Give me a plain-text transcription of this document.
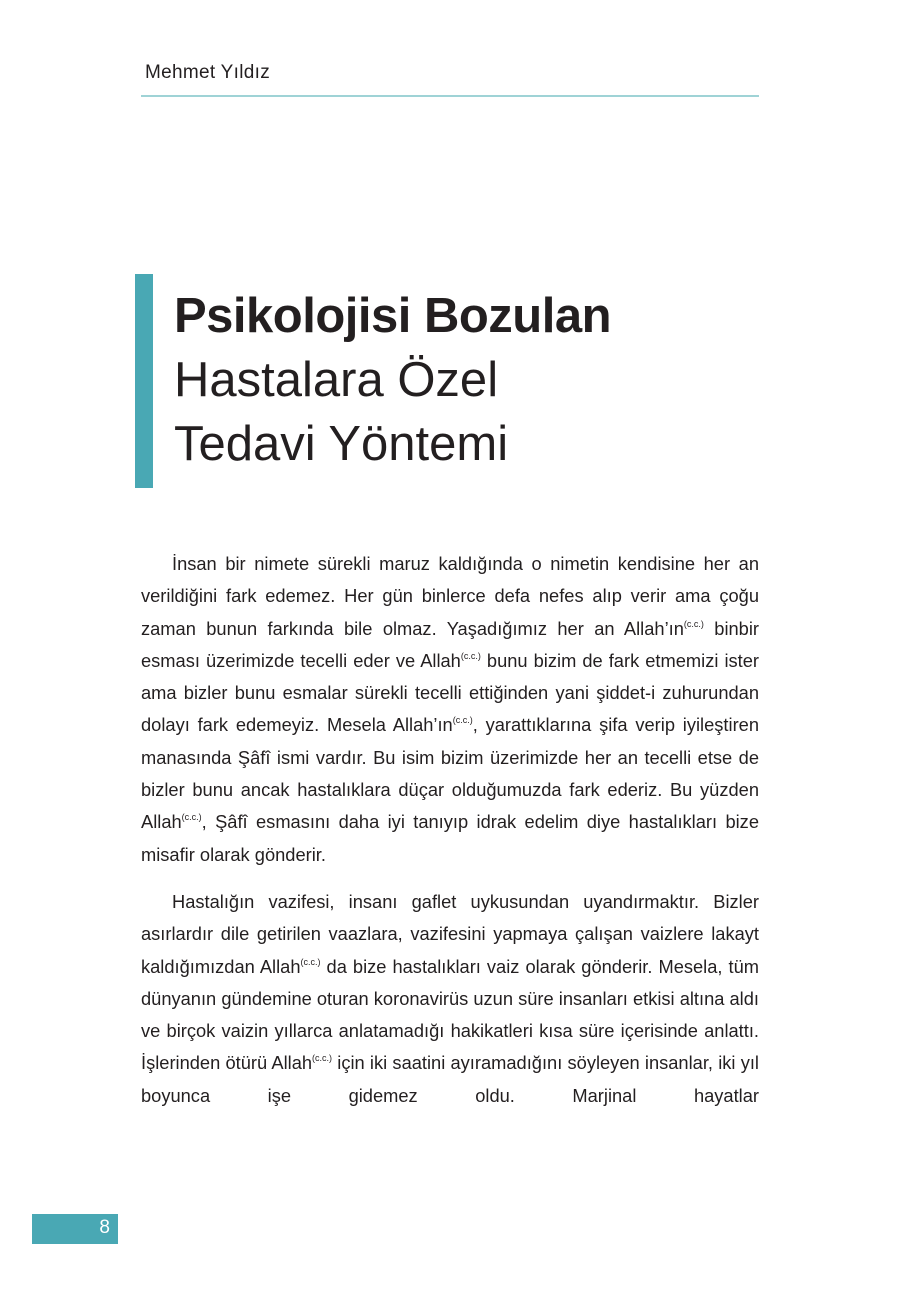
Mehmet Yıldız
Psikolojisi Bozulan
Hastalara Özel
Tedavi Yöntemi

İnsan bir nimete sürekli maruz kaldığında o nimetin kendisine her an verildiğini fark edemez. Her gün binlerce defa nefes alıp verir ama çoğu zaman bunun farkında bile olmaz. Yaşadığımız her an $Allah’ın^{(c.c.)}$ binbir esması üzerimizde tecelli eder ve Allah$^{(c.c.)}$ bunu bizim de fark etmemizi ister ama bizler bunu esmalar sürekli tecelli ettiğinden yani şiddet-i zuhurundan dolayı fark edemeyiz. Mesela $Allah’ın^{(c.c.)}$, yarattıklarına şifa verip iyileştiren manasında Şâfî ismi vardır. Bu isim bizim üzerimizde her an tecelli etse de bizler bunu ancak hastalıklara düçar olduğumuzda fark ederiz. Bu yüzden Allah$^{(c.c.)}$, Şâfî esmasını daha iyi tanıyıp idrak edelim diye hastalıkları bize misafir olarak gönderir.

Hastalığın vazifesi, insanı gaflet uykusundan uyandırmaktır. Bizler asırlardır dile getirilen vaazlara, vazifesini yapmaya çalışan vaizlere lakayt kaldığımızdan Allah$^{(c.c.)}$ da bize hastalıkları vaiz olarak gönderir. Mesela, tüm dünyanın gündemine oturan koronavirüs uzun süre insanları etkisi altına aldı ve birçok vaizin yıllarca anlatamadığı hakikatleri kısa süre içerisinde anlattı. İşlerinden ötürü Allah$^{(c.c.)}$ için iki saatini ayıramadığını söyleyen insanlar, iki yıl boyunca işe gidemez oldu. Marjinal hayatlar

8
